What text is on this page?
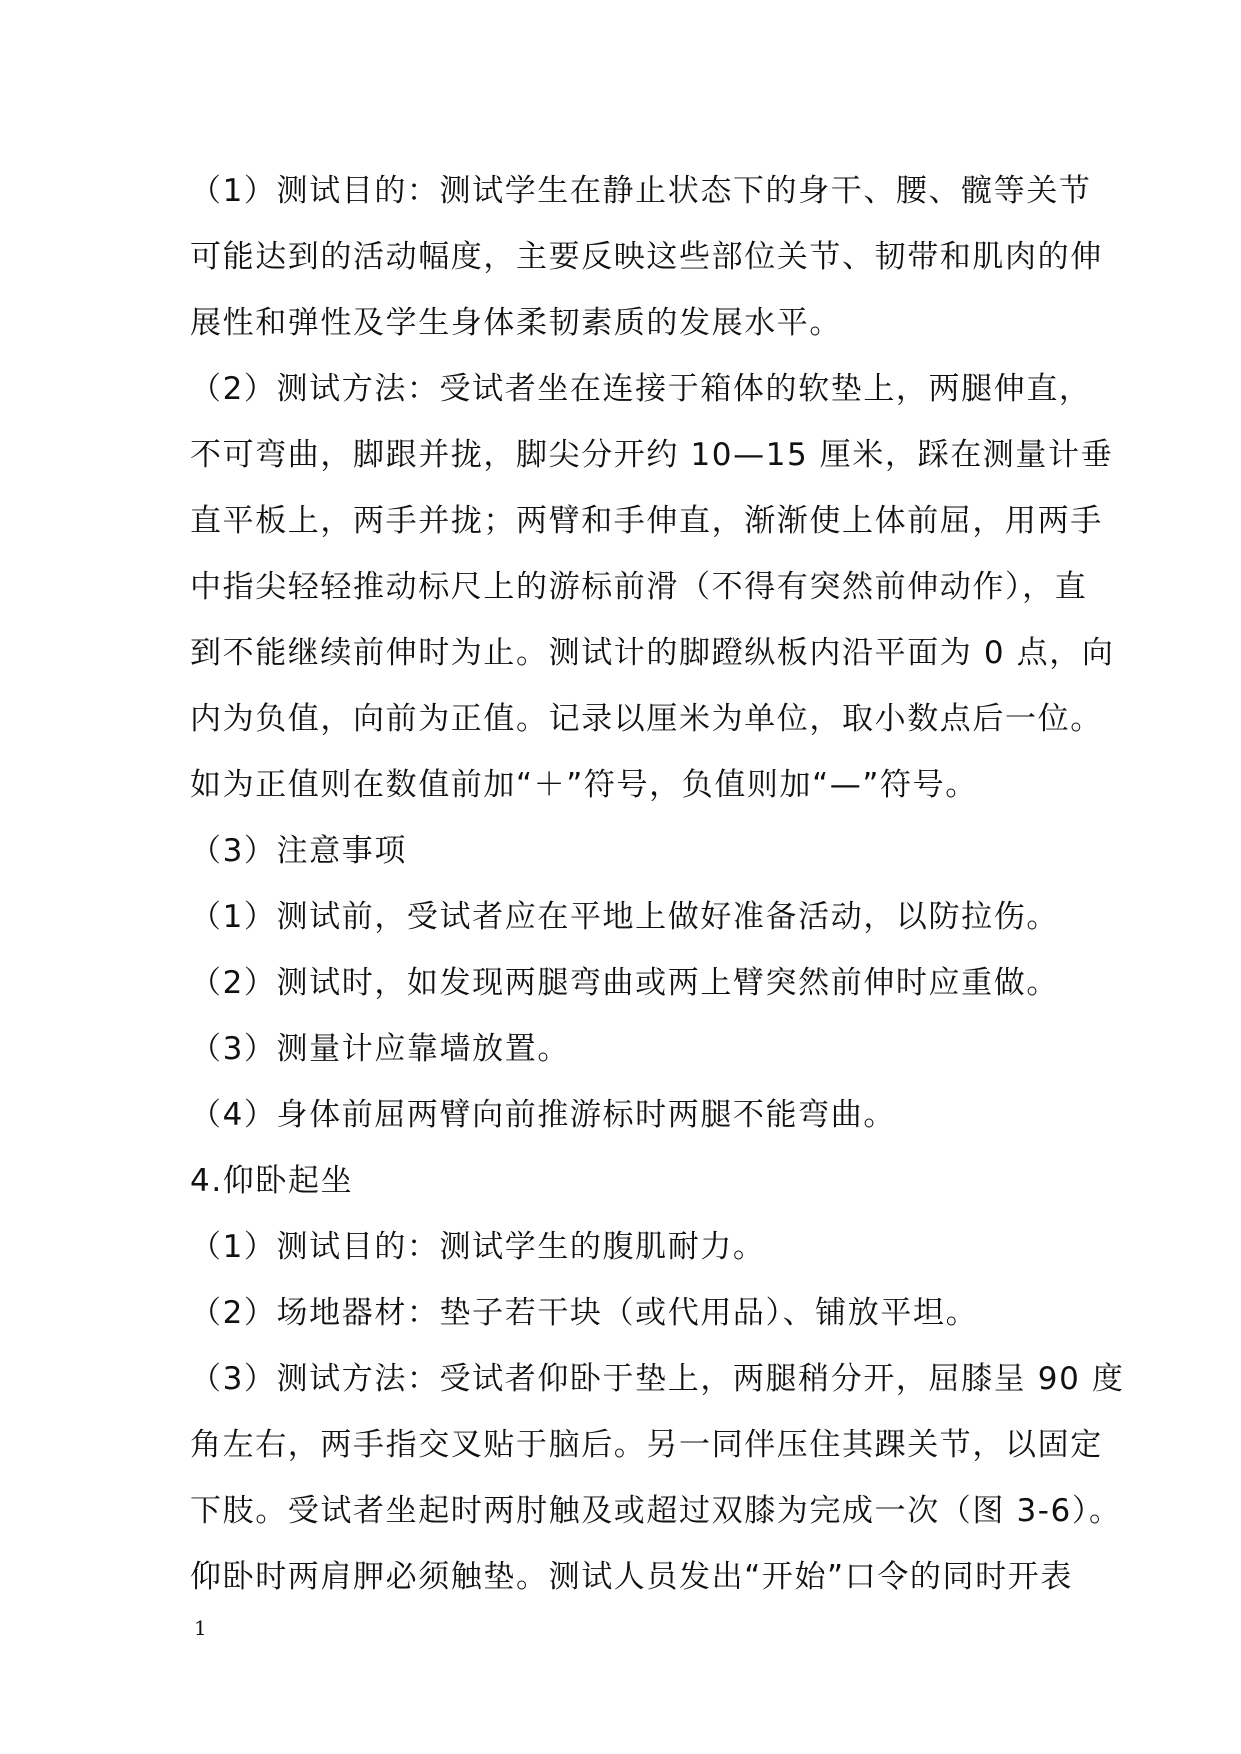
（1）测试目的：测试学生在静止状态下的身干、腰、髋等关节
可能达到的活动幅度，主要反映这些部位关节、韧带和肌肉的伸
展性和弹性及学生身体柔韧素质的发展水平。
（2）测试方法：受试者坐在连接于箱体的软垫上，两腿伸直，
不可弯曲，脚跟并拢，脚尖分开约 10—15 厘米，踩在测量计垂
直平板上，两手并拢；两臂和手伸直，渐渐使上体前屈，用两手
中指尖轻轻推动标尺上的游标前滑（不得有突然前伸动作），直
到不能继续前伸时为止。测试计的脚蹬纵板内沿平面为 0 点，向
内为负值，向前为正值。记录以厘米为单位，取小数点后一位。
如为正值则在数值前加“＋”符号，负值则加“—”符号。
（3）注意事项
（1）测试前，受试者应在平地上做好准备活动，以防拉伤。
（2）测试时，如发现两腿弯曲或两上臂突然前伸时应重做。
（3）测量计应靠墙放置。
（4）身体前屈两臂向前推游标时两腿不能弯曲。
4.仰卧起坐
（1）测试目的：测试学生的腹肌耐力。
（2）场地器材：垫子若干块（或代用品）、铺放平坦。
（3）测试方法：受试者仰卧于垫上，两腿稍分开，屈膝呈 90 度
角左右，两手指交叉贴于脑后。另一同伴压住其踝关节，以固定
下肢。受试者坐起时两肘触及或超过双膝为完成一次（图 3-6）。
仰卧时两肩胛必须触垫。测试人员发出“开始”口令的同时开表
1
